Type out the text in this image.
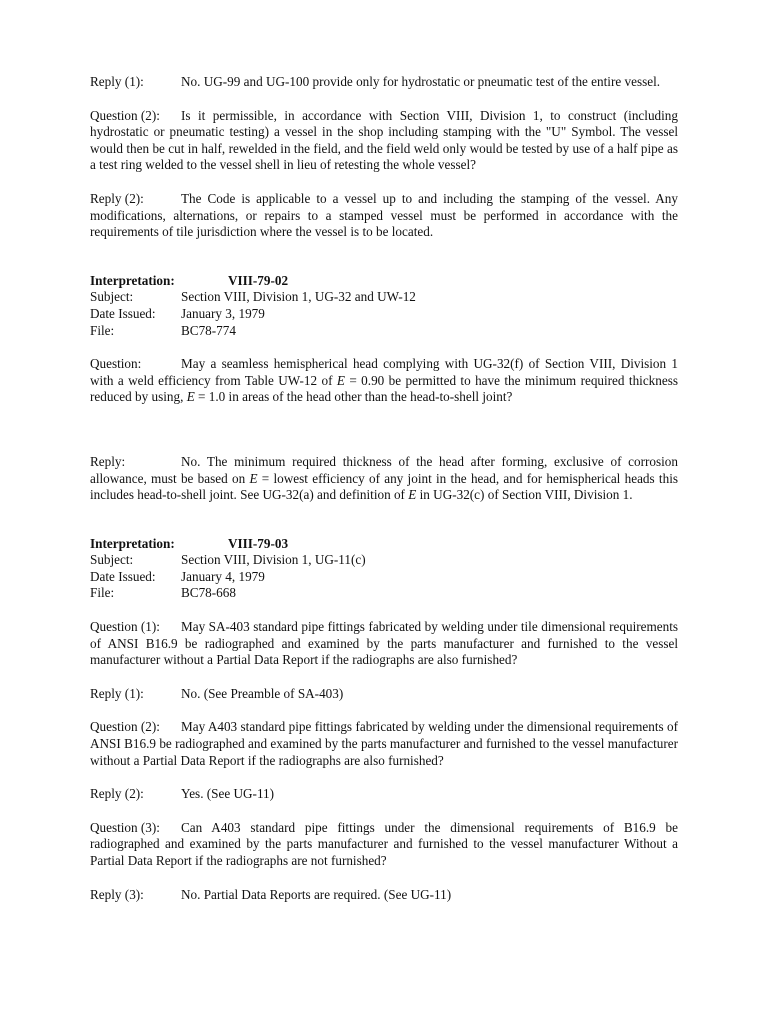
Reply (1):	No. UG-99 and UG-100 provide only for hydrostatic or pneumatic test of the entire vessel.

Question (2): Is it permissible, in accordance with Section VIII, Division 1, to construct (including hydrostatic or pneumatic testing) a vessel in the shop including stamping with the "U" Symbol. The vessel would then be cut in half, rewelded in the field, and the field weld only would be tested by use of a half pipe as a test ring welded to the vessel shell in lieu of retesting the whole vessel?

Reply (2):	The Code is applicable to a vessel up to and including the stamping of the vessel. Any modifications, alternations, or repairs to a stamped vessel must be performed in accordance with the requirements of tile jurisdiction where the vessel is to be located.

Interpretation:	VIII-79-02
Subject:	Section VIII, Division 1, UG-32 and UW-12
Date Issued:	January 3, 1979
File:	BC78-774

Question:	May a seamless hemispherical head complying with UG-32(f) of Section VIII, Division 1 with a weld efficiency from Table UW-12 of E = 0.90 be permitted to have the minimum required thickness reduced by using, E = 1.0 in areas of the head other than the head-to-shell joint?

Reply:	No. The minimum required thickness of the head after forming, exclusive of corrosion allowance, must be based on E = lowest efficiency of any joint in the head, and for hemispherical heads this includes head-to-shell joint. See UG-32(a) and definition of E in UG-32(c) of Section VIII, Division 1.

Interpretation:	VIII-79-03
Subject:	Section VIII, Division 1, UG-11(c)
Date Issued:	January 4, 1979
File:	BC78-668

Question (1): May SA-403 standard pipe fittings fabricated by welding under tile dimensional requirements of ANSI B16.9 be radiographed and examined by the parts manufacturer and furnished to the vessel manufacturer without a Partial Data Report if the radiographs are also furnished?

Reply (1):	No. (See Preamble of SA-403)

Question (2): May A403 standard pipe fittings fabricated by welding under the dimensional requirements of ANSI B16.9 be radiographed and examined by the parts manufacturer and furnished to the vessel manufacturer without a Partial Data Report if the radiographs are also furnished?

Reply (2):	Yes. (See UG-11)

Question (3): Can A403 standard pipe fittings under the dimensional requirements of B16.9 be radiographed and examined by the parts manufacturer and furnished to the vessel manufacturer Without a Partial Data Report if the radiographs are not furnished?

Reply (3):	No. Partial Data Reports are required. (See UG-11)
